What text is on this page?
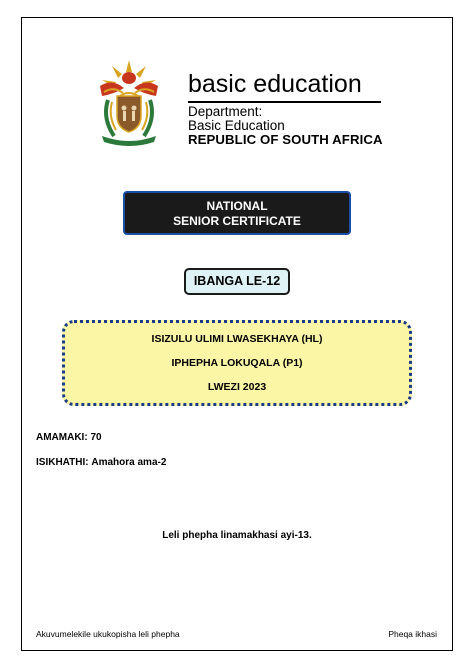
basic education
Department:
Basic Education
REPUBLIC OF SOUTH AFRICA
NATIONAL
SENIOR CERTIFICATE
IBANGA LE-12
ISIZULU ULIMI LWASEKHAYA (HL)
IPHEPHA LOKUQALA (P1)
LWEZI 2023
AMAMAKI: 70
ISIKHATHI: Amahora ama-2
Leli phepha linamakhasi ayi-13.
Akuvumelekile ukukopisha leli phepha	Pheqa ikhasi
